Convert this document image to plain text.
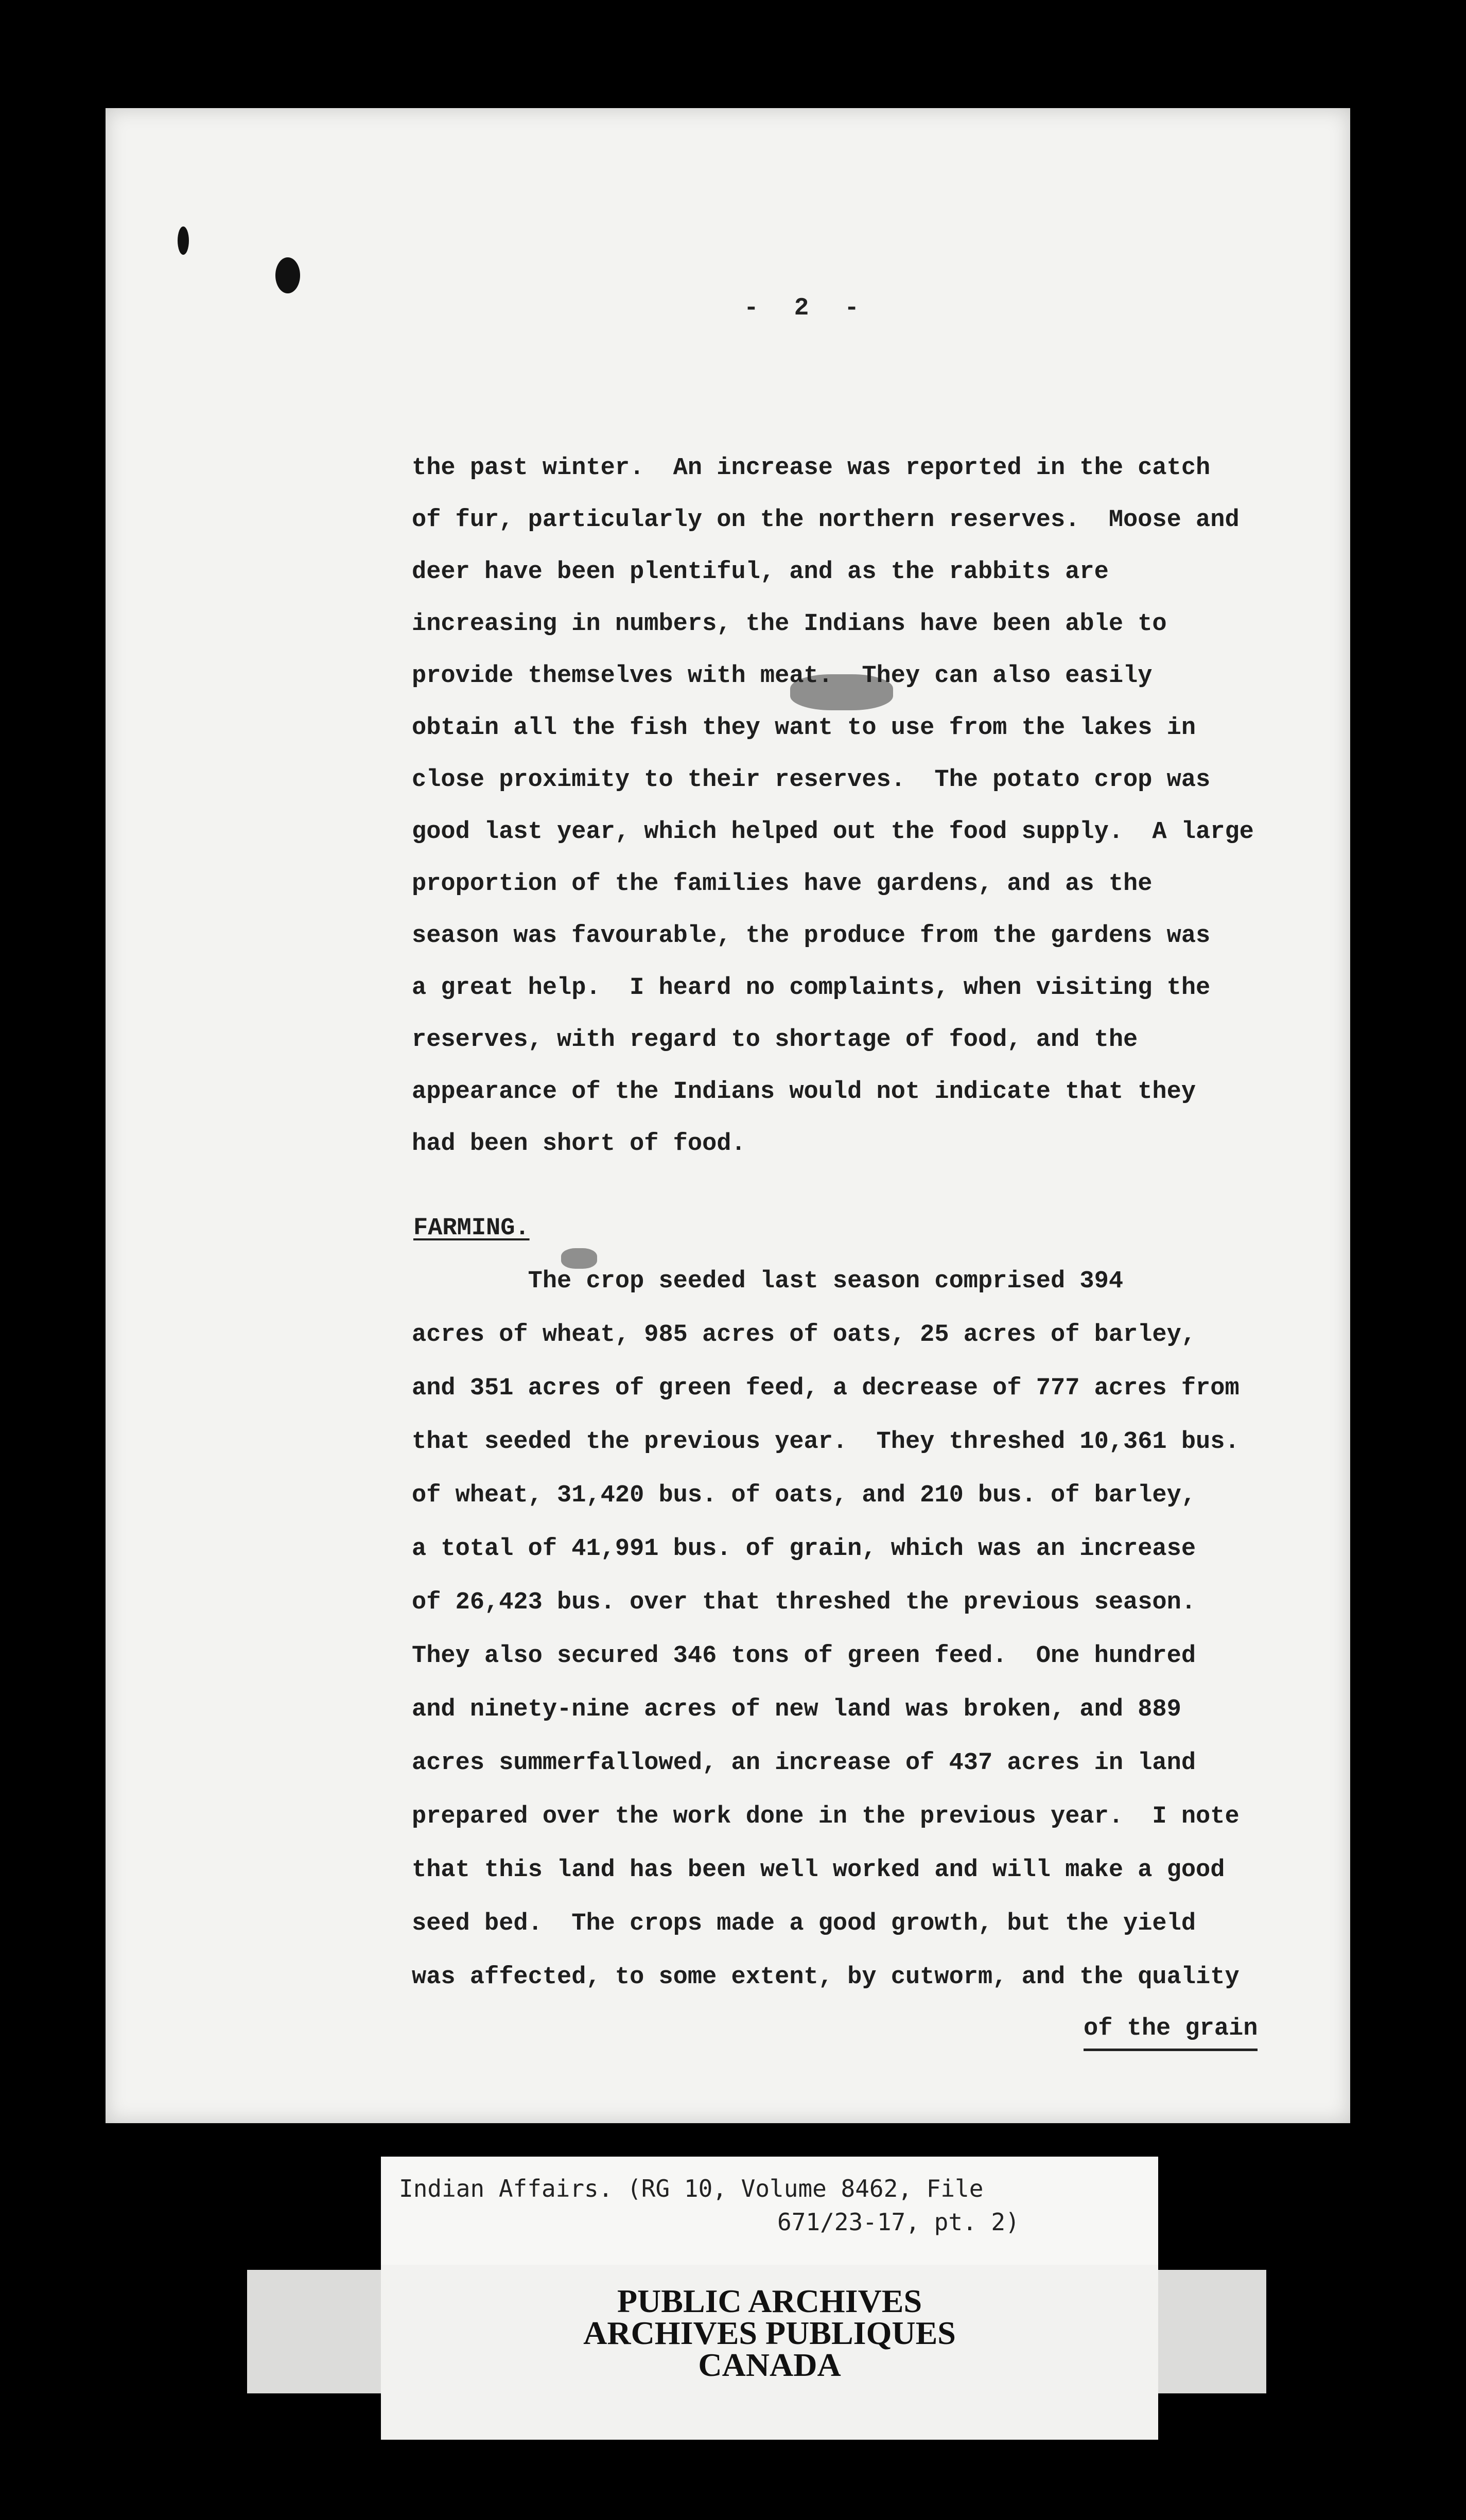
- 2 -
the past winter.  An increase was reported in the catch
of fur, particularly on the northern reserves.  Moose and
deer have been plentiful, and as the rabbits are
increasing in numbers, the Indians have been able to
provide themselves with meat.  They can also easily
obtain all the fish they want to use from the lakes in
close proximity to their reserves.  The potato crop was
good last year, which helped out the food supply.  A large
proportion of the families have gardens, and as the
season was favourable, the produce from the gardens was
a great help.  I heard no complaints, when visiting the
reserves, with regard to shortage of food, and the
appearance of the Indians would not indicate that they
had been short of food.
FARMING.
The crop seeded last season comprised 394
acres of wheat, 985 acres of oats, 25 acres of barley,
and 351 acres of green feed, a decrease of 777 acres from
that seeded the previous year.  They threshed 10,361 bus.
of wheat, 31,420 bus. of oats, and 210 bus. of barley,
a total of 41,991 bus. of grain, which was an increase
of 26,423 bus. over that threshed the previous season.
They also secured 346 tons of green feed.  One hundred
and ninety-nine acres of new land was broken, and 889
acres summerfallowed, an increase of 437 acres in land
prepared over the work done in the previous year.  I note
that this land has been well worked and will make a good
seed bed.  The crops made a good growth, but the yield
was affected, to some extent, by cutworm, and the quality
of the grain
Indian Affairs. (RG 10, Volume 8462, File
671/23-17, pt. 2)
PUBLIC ARCHIVES
ARCHIVES PUBLIQUES
CANADA
